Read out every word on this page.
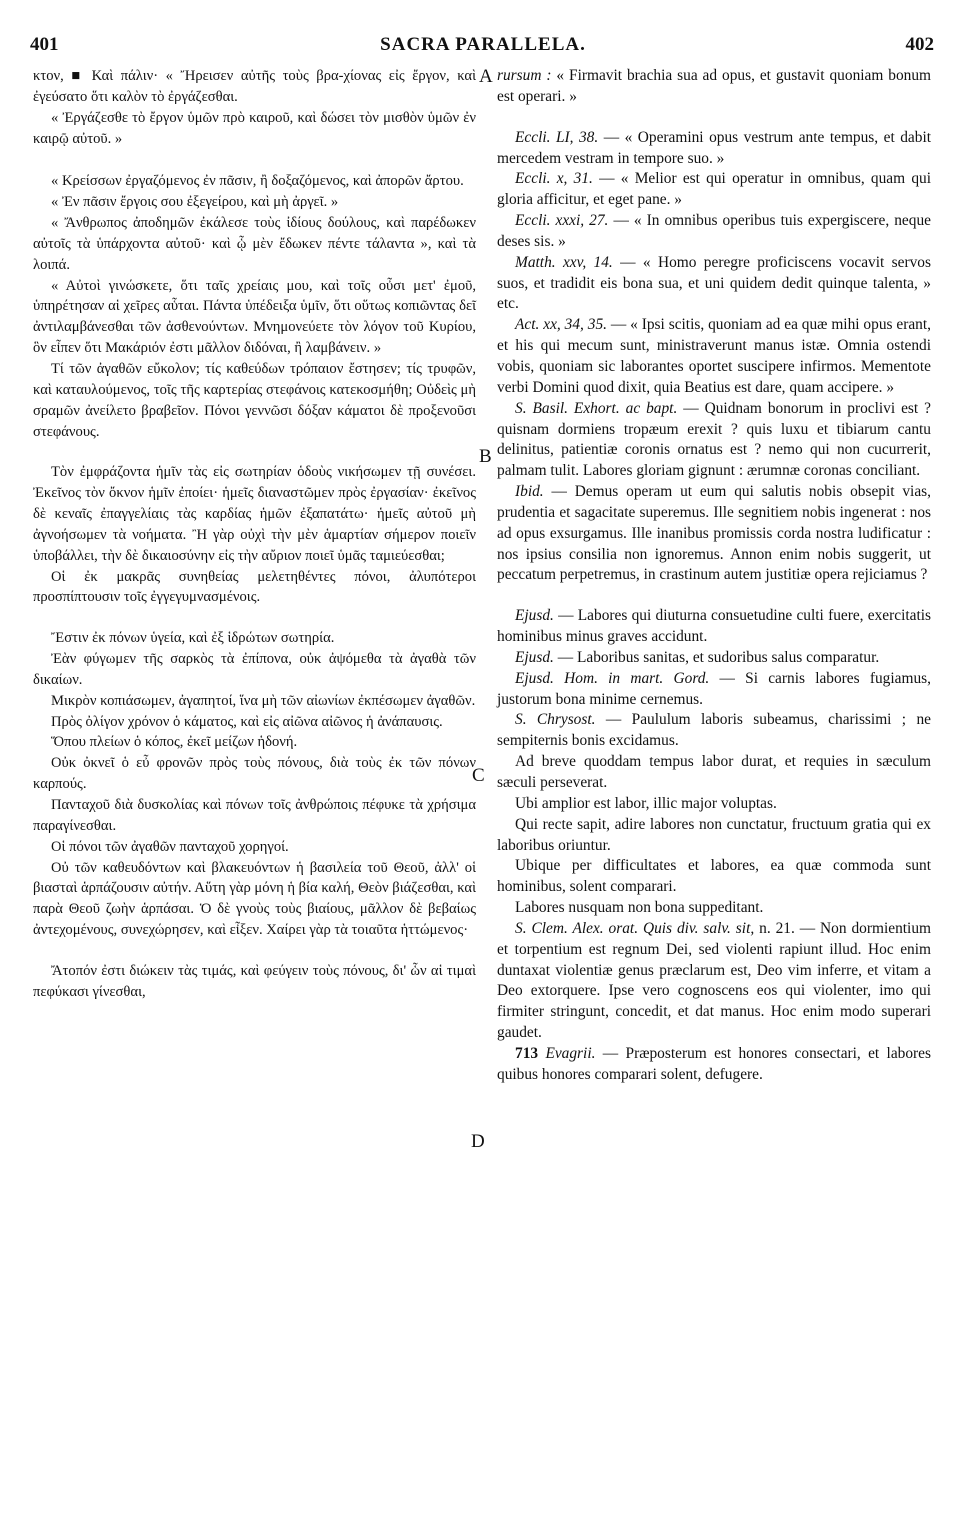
401	SACRA PARALLELA.	402
A
B
C
D

κτον, ■ Καὶ πάλιν· « Ἤρεισεν αὐτῆς τοὺς βρα-χίονας εἰς ἔργον, καὶ ἐγεύσατο ὅτι καλὸν τὸ ἐργάζεσθαι.

« Ἐργάζεσθε τὸ ἔργον ὑμῶν πρὸ καιροῦ, καὶ δώσει τὸν μισθὸν ὑμῶν ἐν καιρῷ αὐτοῦ. »

« Κρείσσων ἐργαζόμενος ἐν πᾶσιν, ἢ δοξαζόμενος, καὶ ἀπορῶν ἄρτου.

« Ἐν πᾶσιν ἔργοις σου ἐξεγείρου, καὶ μὴ ἀργεῖ. »

« Ἄνθρωπος ἀποδημῶν ἐκάλεσε τοὺς ἰδίους δούλους, καὶ παρέδωκεν αὐτοῖς τὰ ὑπάρχοντα αὐτοῦ· καὶ ᾧ μὲν ἔδωκεν πέντε τάλαντα », καὶ τὰ λοιπά.

« Αὐτοὶ γινώσκετε, ὅτι ταῖς χρείαις μου, καὶ τοῖς οὖσι μετ' ἐμοῦ, ὑπηρέτησαν αἱ χεῖρες αὗται. Πάντα ὑπέδειξα ὑμῖν, ὅτι οὕτως κοπιῶντας δεῖ ἀντιλαμβάνεσθαι τῶν ἀσθενούντων. Μνημονεύετε τὸν λόγον τοῦ Κυρίου, ὃν εἶπεν ὅτι Μακάριόν ἐστι μᾶλλον διδόναι, ἢ λαμβάνειν. »

Τί τῶν ἀγαθῶν εὔκολον; τίς καθεύδων τρόπαιον ἔστησεν; τίς τρυφῶν, καὶ καταυλούμενος, τοῖς τῆς καρτερίας στεφάνοις κατεκοσμήθη; Οὐδεὶς μὴ σραμῶν ἀνείλετο βραβεῖον. Πόνοι γεννῶσι δόξαν κάματοι δὲ προξενοῦσι στεφάνους.

Τὸν ἐμφράζοντα ἡμῖν τὰς εἰς σωτηρίαν ὁδοὺς νικήσωμεν τῇ συνέσει. Ἐκεῖνος τὸν ὄκνον ἡμῖν ἐποίει· ἡμεῖς διαναστῶμεν πρὸς ἐργασίαν· ἐκεῖνος δὲ κεναῖς ἐπαγγελίαις τὰς καρδίας ἡμῶν ἐξαπατάτω· ἡμεῖς αὐτοῦ μὴ ἀγνοήσωμεν τὰ νοήματα. Ἢ γὰρ οὐχὶ τὴν μὲν ἁμαρτίαν σήμερον ποιεῖν ὑποβάλλει, τὴν δὲ δικαιοσύνην εἰς τὴν αὔριον ποιεῖ ὑμᾶς ταμιεύεσθαι;

Οἱ ἐκ μακρᾶς συνηθείας μελετηθέντες πόνοι, ἀλυπότεροι προσπίπτουσιν τοῖς ἐγγεγυμνασμένοις.

Ἔστιν ἐκ πόνων ὑγεία, καὶ ἐξ ἱδρώτων σωτηρία.

Ἐὰν φύγωμεν τῆς σαρκὸς τὰ ἐπίπονα, οὐκ ἀψόμεθα τὰ ἀγαθὰ τῶν δικαίων.

Μικρὸν κοπιάσωμεν, ἀγαπητοί, ἵνα μὴ τῶν αἰωνίων ἐκπέσωμεν ἀγαθῶν.

Πρὸς ὀλίγον χρόνον ὁ κάματος, καὶ εἰς αἰῶνα αἰῶνος ἡ ἀνάπαυσις.

Ὅπου πλείων ὁ κόπος, ἐκεῖ μείζων ἡδονή.

Οὐκ ὀκνεῖ ὁ εὖ φρονῶν πρὸς τοὺς πόνους, διὰ τοὺς ἐκ τῶν πόνων καρπούς.

Πανταχοῦ διὰ δυσκολίας καὶ πόνων τοῖς ἀνθρώποις πέφυκε τὰ χρήσιμα παραγίνεσθαι.

Οἱ πόνοι τῶν ἀγαθῶν πανταχοῦ χορηγοί.

Οὐ τῶν καθευδόντων καὶ βλακευόντων ἡ βασιλεία τοῦ Θεοῦ, ἀλλ' οἱ βιασταὶ ἁρπάζουσιν αὐτήν. Αὕτη γὰρ μόνη ἡ βία καλή, Θεὸν βιάζεσθαι, καὶ παρὰ Θεοῦ ζωὴν ἁρπάσαι. Ὁ δὲ γνοὺς τοὺς βιαίους, μᾶλλον δὲ βεβαίως ἀντεχομένους, συνεχώρησεν, καὶ εἶξεν. Χαίρει γὰρ τὰ τοιαῦτα ἡττώμενος·

Ἄτοπόν ἐστι διώκειν τὰς τιμάς, καὶ φεύγειν τοὺς πόνους, δι' ὧν αἱ τιμαὶ πεφύκασι γίνεσθαι,

rursum : « Firmavit brachia sua ad opus, et gustavit quoniam bonum est operari. »

Eccli. LI, 38. — « Operamini opus vestrum ante tempus, et dabit mercedem vestram in tempore suo. »

Eccli. x, 31. — « Melior est qui operatur in omnibus, quam qui gloria afficitur, et eget pane. »

Eccli. xxxi, 27. — « In omnibus operibus tuis expergiscere, neque deses sis. »

Matth. xxv, 14. — « Homo peregre proficiscens vocavit servos suos, et tradidit eis bona sua, et uni quidem dedit quinque talenta, » etc.

Act. xx, 34, 35. — « Ipsi scitis, quoniam ad ea quæ mihi opus erant, et his qui mecum sunt, ministraverunt manus istæ. Omnia ostendi vobis, quoniam sic laborantes oportet suscipere infirmos. Mementote verbi Domini quod dixit, quia Beatius est dare, quam accipere. »

S. Basil. Exhort. ac bapt. — Quidnam bonorum in proclivi est ? quisnam dormiens tropæum erexit ? quis luxu et tibiarum cantu delinitus, patientiæ coronis ornatus est ? nemo qui non cucurrerit, palmam tulit. Labores gloriam gignunt : ærumnæ coronas conciliant.

Ibid. — Demus operam ut eum qui salutis nobis obsepit vias, prudentia et sagacitate superemus. Ille segnitiem nobis ingenerat : nos ad opus exsurgamus. Ille inanibus promissis corda nostra ludificatur : nos ipsius consilia non ignoremus. Annon enim nobis suggerit, ut peccatum perpetremus, in crastinum autem justitiæ opera rejiciamus ?

Ejusd. — Labores qui diuturna consuetudine culti fuere, exercitatis hominibus minus graves accidunt.

Ejusd. — Laboribus sanitas, et sudoribus salus comparatur.

Ejusd. Hom. in mart. Gord. — Si carnis labores fugiamus, justorum bona minime cernemus.

S. Chrysost. — Paululum laboris subeamus, charissimi ; ne sempiternis bonis excidamus.

Ad breve quoddam tempus labor durat, et requies in sæculum sæculi perseverat.

Ubi amplior est labor, illic major voluptas.

Qui recte sapit, adire labores non cunctatur, fructuum gratia qui ex laboribus oriuntur.

Ubique per difficultates et labores, ea quæ commoda sunt hominibus, solent comparari.

Labores nusquam non bona suppeditant.

S. Clem. Alex. orat. Quis div. salv. sit, n. 21. — Non dormientium et torpentium est regnum Dei, sed violenti rapiunt illud. Hoc enim duntaxat violentiæ genus præclarum est, Deo vim inferre, et vitam a Deo extorquere. Ipse vero cognoscens eos qui violenter, imo qui firmiter stringunt, concedit, et dat manus. Hoc enim modo superari gaudet.

713 Evagrii. — Præposterum est honores consectari, et labores quibus honores comparari solent, defugere.
